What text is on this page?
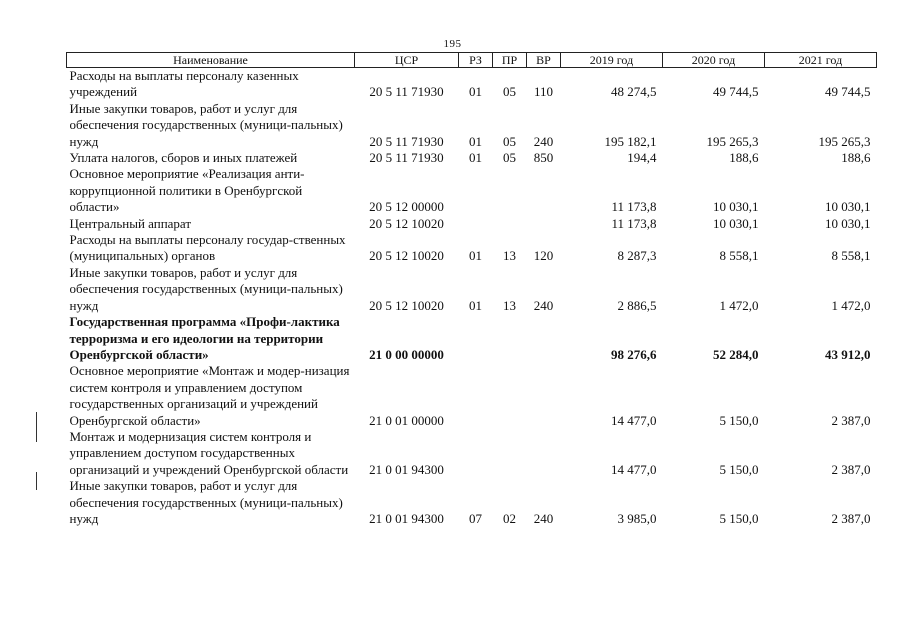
195
Наименование	ЦСР	РЗ	ПР	ВР	2019 год	2020 год	2021 год
Расходы на выплаты персоналу казенных учреждений	20 5 11 71930	01	05	110	48 274,5	49 744,5	49 744,5
Иные закупки товаров, работ и услуг для обеспечения государственных (муници-пальных) нужд	20 5 11 71930	01	05	240	195 182,1	195 265,3	195 265,3
Уплата налогов, сборов и иных платежей	20 5 11 71930	01	05	850	194,4	188,6	188,6
Основное мероприятие «Реализация анти-коррупционной политики в Оренбургской области»	20 5 12 00000				11 173,8	10 030,1	10 030,1
Центральный аппарат	20 5 12 10020				11 173,8	10 030,1	10 030,1
Расходы на выплаты персоналу государ-ственных (муниципальных) органов	20 5 12 10020	01	13	120	8 287,3	8 558,1	8 558,1
Иные закупки товаров, работ и услуг для обеспечения государственных (муници-пальных) нужд	20 5 12 10020	01	13	240	2 886,5	1 472,0	1 472,0
Государственная программа «Профи-лактика терроризма и его идеологии на территории Оренбургской области»	21 0 00 00000				98 276,6	52 284,0	43 912,0
Основное мероприятие «Монтаж и модер-низация систем контроля и управлением доступом государственных организаций и учреждений Оренбургской области»	21 0 01 00000				14 477,0	5 150,0	2 387,0
Монтаж и модернизация систем контроля и управлением доступом государственных организаций и учреждений Оренбургской области	21 0 01 94300				14 477,0	5 150,0	2 387,0
Иные закупки товаров, работ и услуг для обеспечения государственных (муници-пальных) нужд	21 0 01 94300	07	02	240	3 985,0	5 150,0	2 387,0
